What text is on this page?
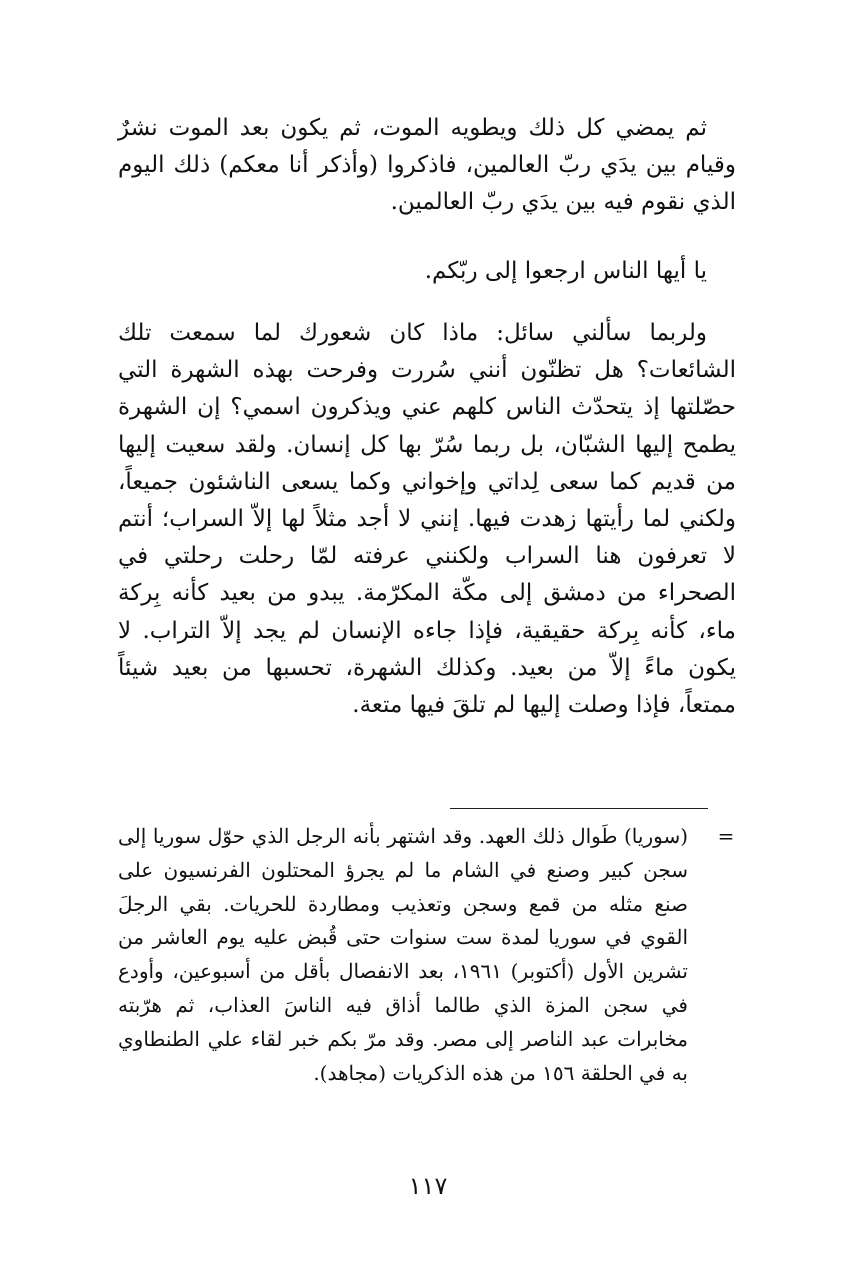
ثم يمضي كل ذلك ويطويه الموت، ثم يكون بعد الموت نشرٌ وقيام بين يدَي ربّ العالمين، فاذكروا (وأذكر أنا معكم) ذلك اليوم الذي نقوم فيه بين يدَي ربّ العالمين.

يا أيها الناس ارجعوا إلى ربّكم.

ولربما سألني سائل: ماذا كان شعورك لما سمعت تلك الشائعات؟ هل تظنّون أنني سُررت وفرحت بهذه الشهرة التي حصّلتها إذ يتحدّث الناس كلهم عني ويذكرون اسمي؟ إن الشهرة يطمح إليها الشبّان، بل ربما سُرّ بها كل إنسان. ولقد سعيت إليها من قديم كما سعى لِداتي وإخواني وكما يسعى الناشئون جميعاً، ولكني لما رأيتها زهدت فيها. إنني لا أجد مثلاً لها إلاّ السراب؛ أنتم لا تعرفون هنا السراب ولكنني عرفته لمّا رحلت رحلتي في الصحراء من دمشق إلى مكّة المكرّمة. يبدو من بعيد كأنه بِركة ماء، كأنه بِركة حقيقية، فإذا جاءه الإنسان لم يجد إلاّ التراب. لا يكون ماءً إلاّ من بعيد. وكذلك الشهرة، تحسبها من بعيد شيئاً ممتعاً، فإذا وصلت إليها لم تلقَ فيها متعة.

=
(سوريا) طَوال ذلك العهد. وقد اشتهر بأنه الرجل الذي حوّل سوريا إلى سجن كبير وصنع في الشام ما لم يجرؤ المحتلون الفرنسيون على صنع مثله من قمع وسجن وتعذيب ومطاردة للحريات. بقي الرجلَ القوي في سوريا لمدة ست سنوات حتى قُبض عليه يوم العاشر من تشرين الأول (أكتوبر) ١٩٦١، بعد الانفصال بأقل من أسبوعين، وأودع في سجن المزة الذي طالما أذاق فيه الناسَ العذاب، ثم هرّبته مخابرات عبد الناصر إلى مصر. وقد مرّ بكم خبر لقاء علي الطنطاوي به في الحلقة ١٥٦ من هذه الذكريات (مجاهد).
١١٧
